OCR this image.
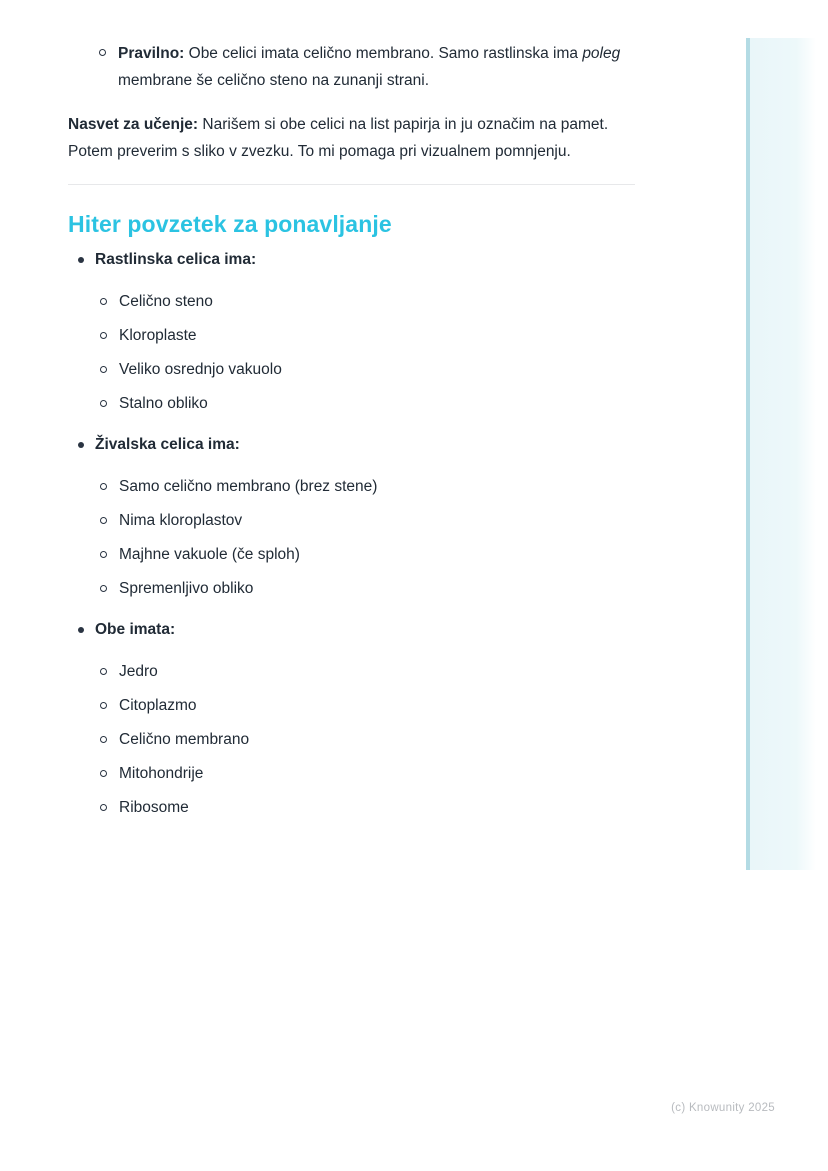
Pravilno: Obe celici imata celično membrano. Samo rastlinska ima poleg membrane še celično steno na zunanji strani.

Nasvet za učenje: Narišem si obe celici na list papirja in ju označim na pamet. Potem preverim s sliko v zvezku. To mi pomaga pri vizualnem pomnjenju.

Hiter povzetek za ponavljanje
Rastlinska celica ima:
Celično steno
Kloroplaste
Veliko osrednjo vakuolo
Stalno obliko
Živalska celica ima:
Samo celično membrano (brez stene)
Nima kloroplastov
Majhne vakuole (če sploh)
Spremenljivo obliko
Obe imata:
Jedro
Citoplazmo
Celično membrano
Mitohondrije
Ribosome
(c) Knowunity 2025
